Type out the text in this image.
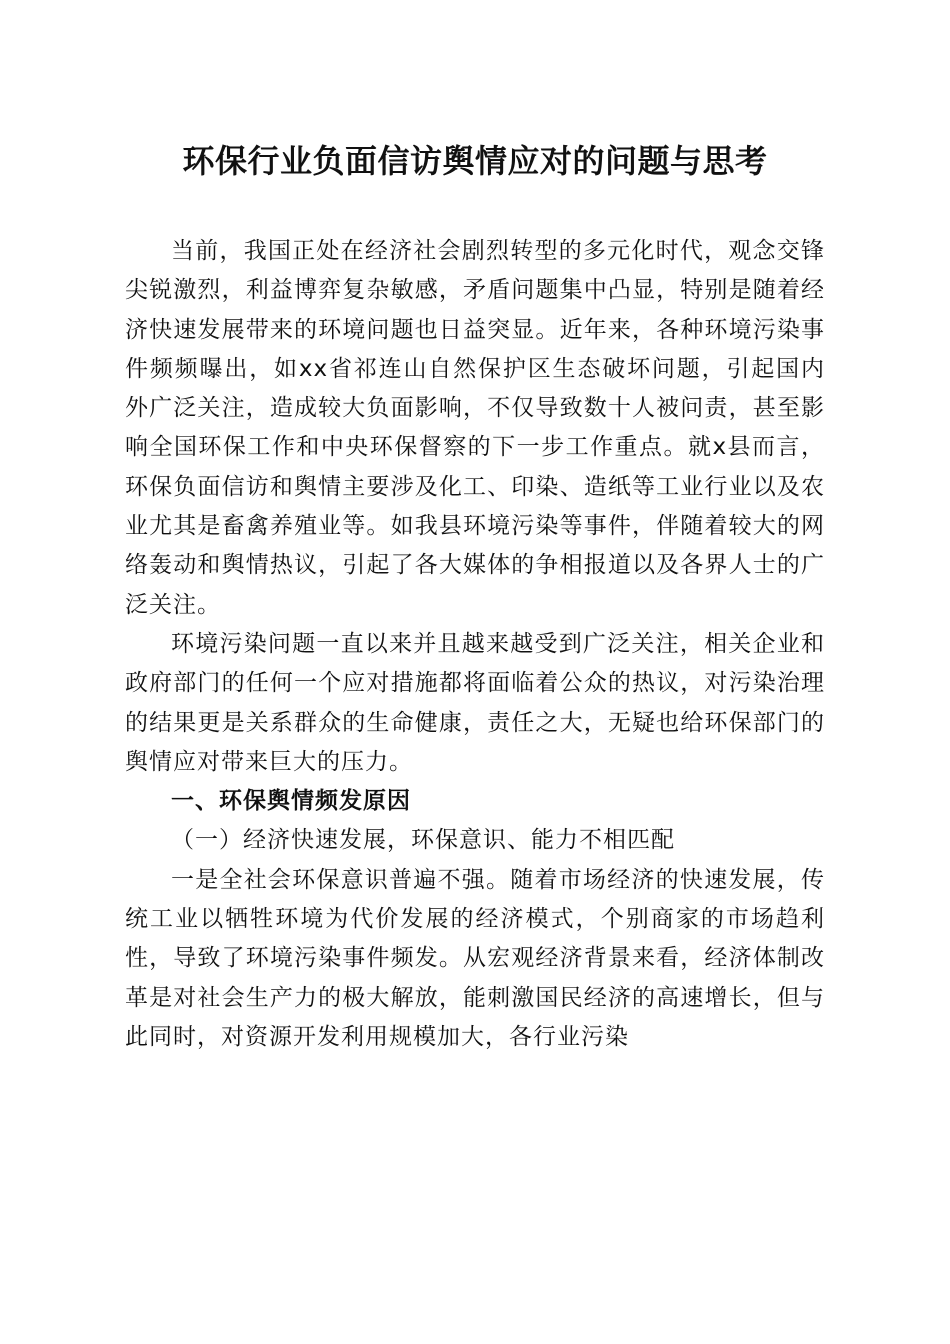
环保行业负面信访舆情应对的问题与思考

当前，我国正处在经济社会剧烈转型的多元化时代，观念交锋尖锐激烈，利益博弈复杂敏感，矛盾问题集中凸显，特别是随着经济快速发展带来的环境问题也日益突显。近年来，各种环境污染事件频频曝出，如xx省祁连山自然保护区生态破坏问题，引起国内外广泛关注，造成较大负面影响，不仅导致数十人被问责，甚至影响全国环保工作和中央环保督察的下一步工作重点。就x县而言，环保负面信访和舆情主要涉及化工、印染、造纸等工业行业以及农业尤其是畜禽养殖业等。如我县环境污染等事件，伴随着较大的网络轰动和舆情热议，引起了各大媒体的争相报道以及各界人士的广泛关注。

环境污染问题一直以来并且越来越受到广泛关注，相关企业和政府部门的任何一个应对措施都将面临着公众的热议，对污染治理的结果更是关系群众的生命健康，责任之大，无疑也给环保部门的舆情应对带来巨大的压力。

一、环保舆情频发原因
（一）经济快速发展，环保意识、能力不相匹配

一是全社会环保意识普遍不强。随着市场经济的快速发展，传统工业以牺牲环境为代价发展的经济模式，个别商家的市场趋利性，导致了环境污染事件频发。从宏观经济背景来看，经济体制改革是对社会生产力的极大解放，能刺激国民经济的高速增长，但与此同时，对资源开发利用规模加大，各行业污染
